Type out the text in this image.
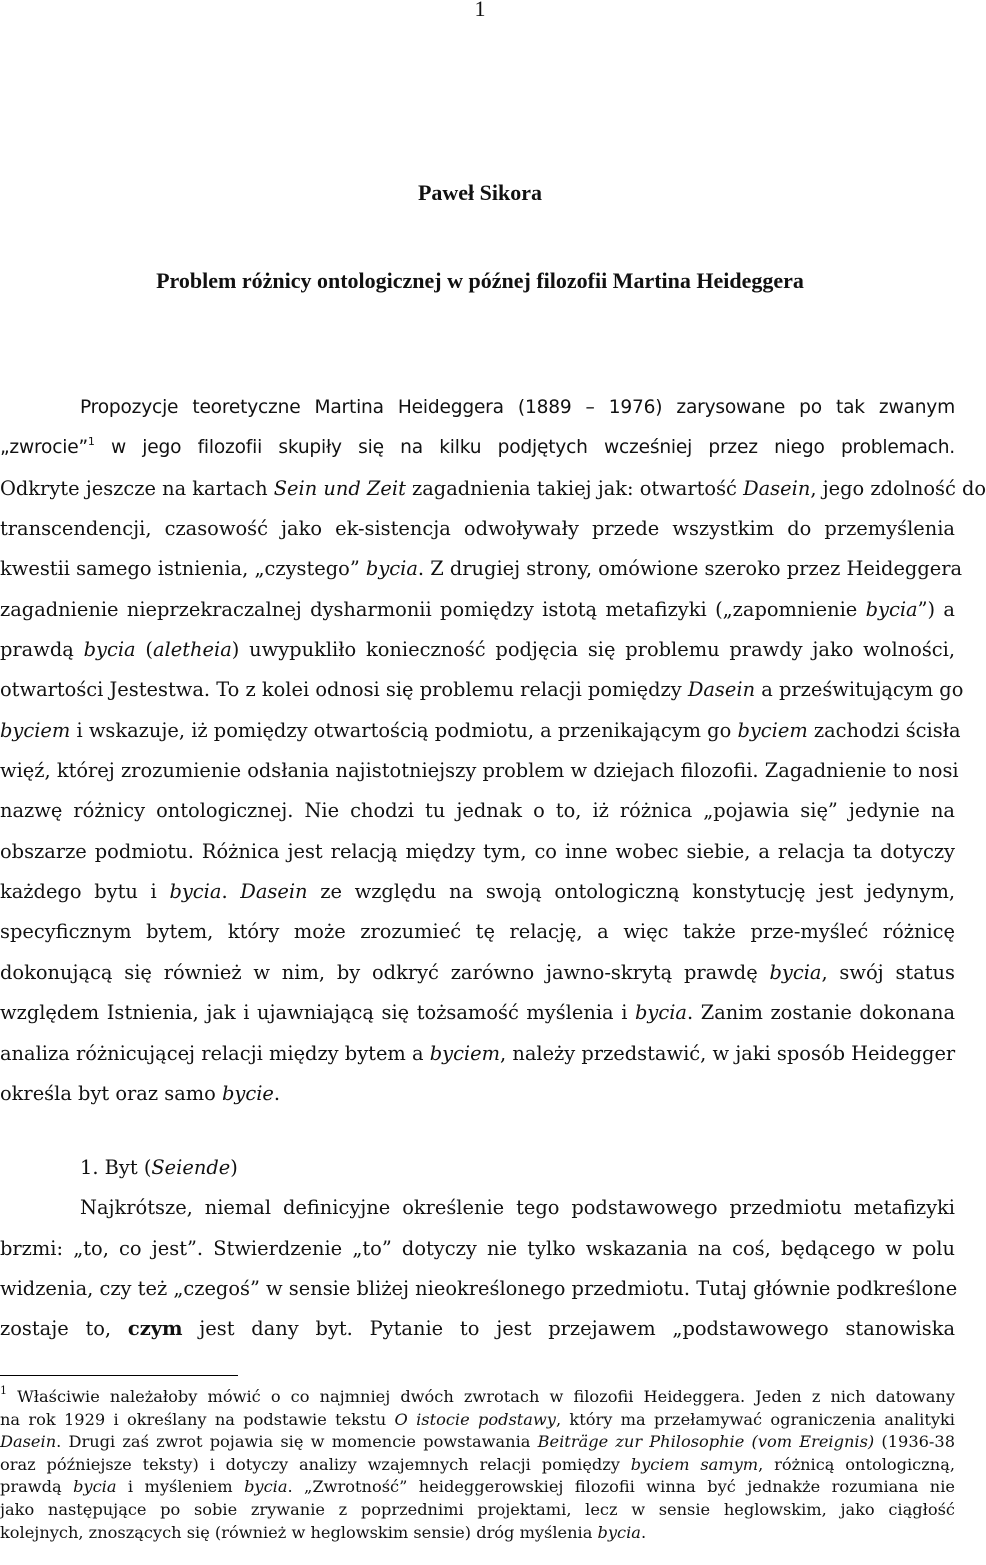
1
Paweł Sikora
Problem różnicy ontologicznej w późnej filozofii Martina Heideggera
Propozycje teoretyczne Martina Heideggera (1889 – 1976) zarysowane po tak zwanym
„zwrocie”$^1$ w jego filozofii skupiły się na kilku podjętych wcześniej przez niego problemach.
Odkryte jeszcze na kartach Sein und Zeit zagadnienia takiej jak: otwartość Dasein, jego zdolność do
transcendencji, czasowość jako ek-sistencja odwoływały przede wszystkim do przemyślenia
kwestii samego istnienia, „czystego” bycia. Z drugiej strony, omówione szeroko przez Heideggera
zagadnienie nieprzekraczalnej dysharmonii pomiędzy istotą metafizyki („zapomnienie bycia”) a
prawdą bycia (aletheia) uwypukliło konieczność podjęcia się problemu prawdy jako wolności,
otwartości Jestestwa. To z kolei odnosi się problemu relacji pomiędzy Dasein a prześwitującym go
byciem i wskazuje, iż pomiędzy otwartością podmiotu, a przenikającym go byciem zachodzi ścisła
więź, której zrozumienie odsłania najistotniejszy problem w dziejach filozofii. Zagadnienie to nosi
nazwę różnicy ontologicznej. Nie chodzi tu jednak o to, iż różnica „pojawia się” jedynie na
obszarze podmiotu. Różnica jest relacją między tym, co inne wobec siebie, a relacja ta dotyczy
każdego bytu i bycia. Dasein ze względu na swoją ontologiczną konstytucję jest jedynym,
specyficznym bytem, który może zrozumieć tę relację, a więc także prze-myśleć różnicę
dokonującą się również w nim, by odkryć zarówno jawno-skrytą prawdę bycia, swój status
względem Istnienia, jak i ujawniającą się tożsamość myślenia i bycia. Zanim zostanie dokonana
analiza różnicującej relacji między bytem a byciem, należy przedstawić, w jaki sposób Heidegger
określa byt oraz samo bycie.
1. Byt (Seiende)
Najkrótsze, niemal definicyjne określenie tego podstawowego przedmiotu metafizyki
brzmi: „to, co jest”. Stwierdzenie „to” dotyczy nie tylko wskazania na coś, będącego w polu
widzenia, czy też „czegoś” w sensie bliżej nieokreślonego przedmiotu. Tutaj głównie podkreślone
zostaje to, czym jest dany byt. Pytanie to jest przejawem „podstawowego stanowiska
$^1$ Właściwie należałoby mówić o co najmniej dwóch zwrotach w filozofii Heideggera. Jeden z nich datowany
na rok 1929 i określany na podstawie tekstu O istocie podstawy, który ma przełamywać ograniczenia analityki
Dasein. Drugi zaś zwrot pojawia się w momencie powstawania Beiträge zur Philosophie (vom Ereignis) (1936-38
oraz późniejsze teksty) i dotyczy analizy wzajemnych relacji pomiędzy byciem samym, różnicą ontologiczną,
prawdą bycia i myśleniem bycia. „Zwrotność” heideggerowskiej filozofii winna być jednakże rozumiana nie
jako następujące po sobie zrywanie z poprzednimi projektami, lecz w sensie heglowskim, jako ciągłość
kolejnych, znoszących się (również w heglowskim sensie) dróg myślenia bycia.
